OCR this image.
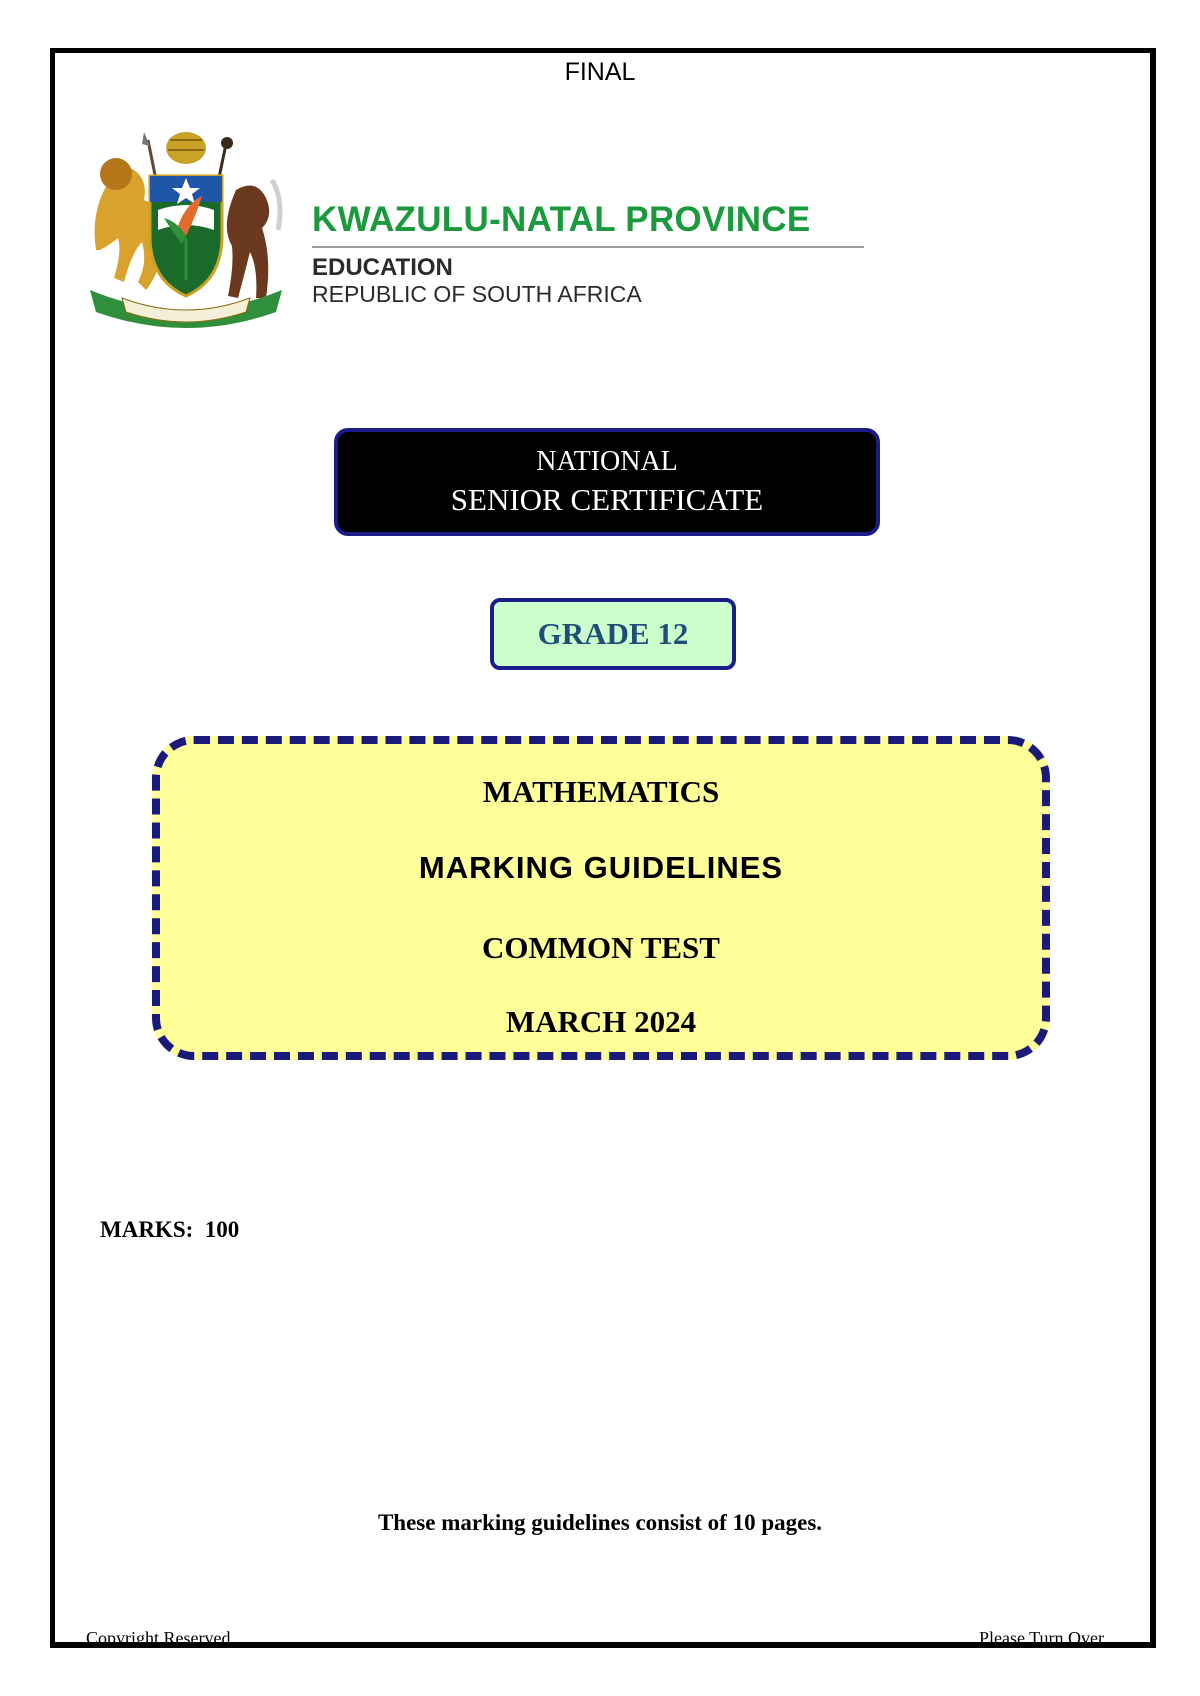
FINAL
KWAZULU-NATAL PROVINCE
EDUCATION
REPUBLIC OF SOUTH AFRICA
NATIONAL
SENIOR CERTIFICATE
GRADE 12
MATHEMATICS
MARKING GUIDELINES
COMMON TEST
MARCH 2024
MARKS:  100
These marking guidelines consist of 10 pages.
Copyright Reserved	Please Turn Over
